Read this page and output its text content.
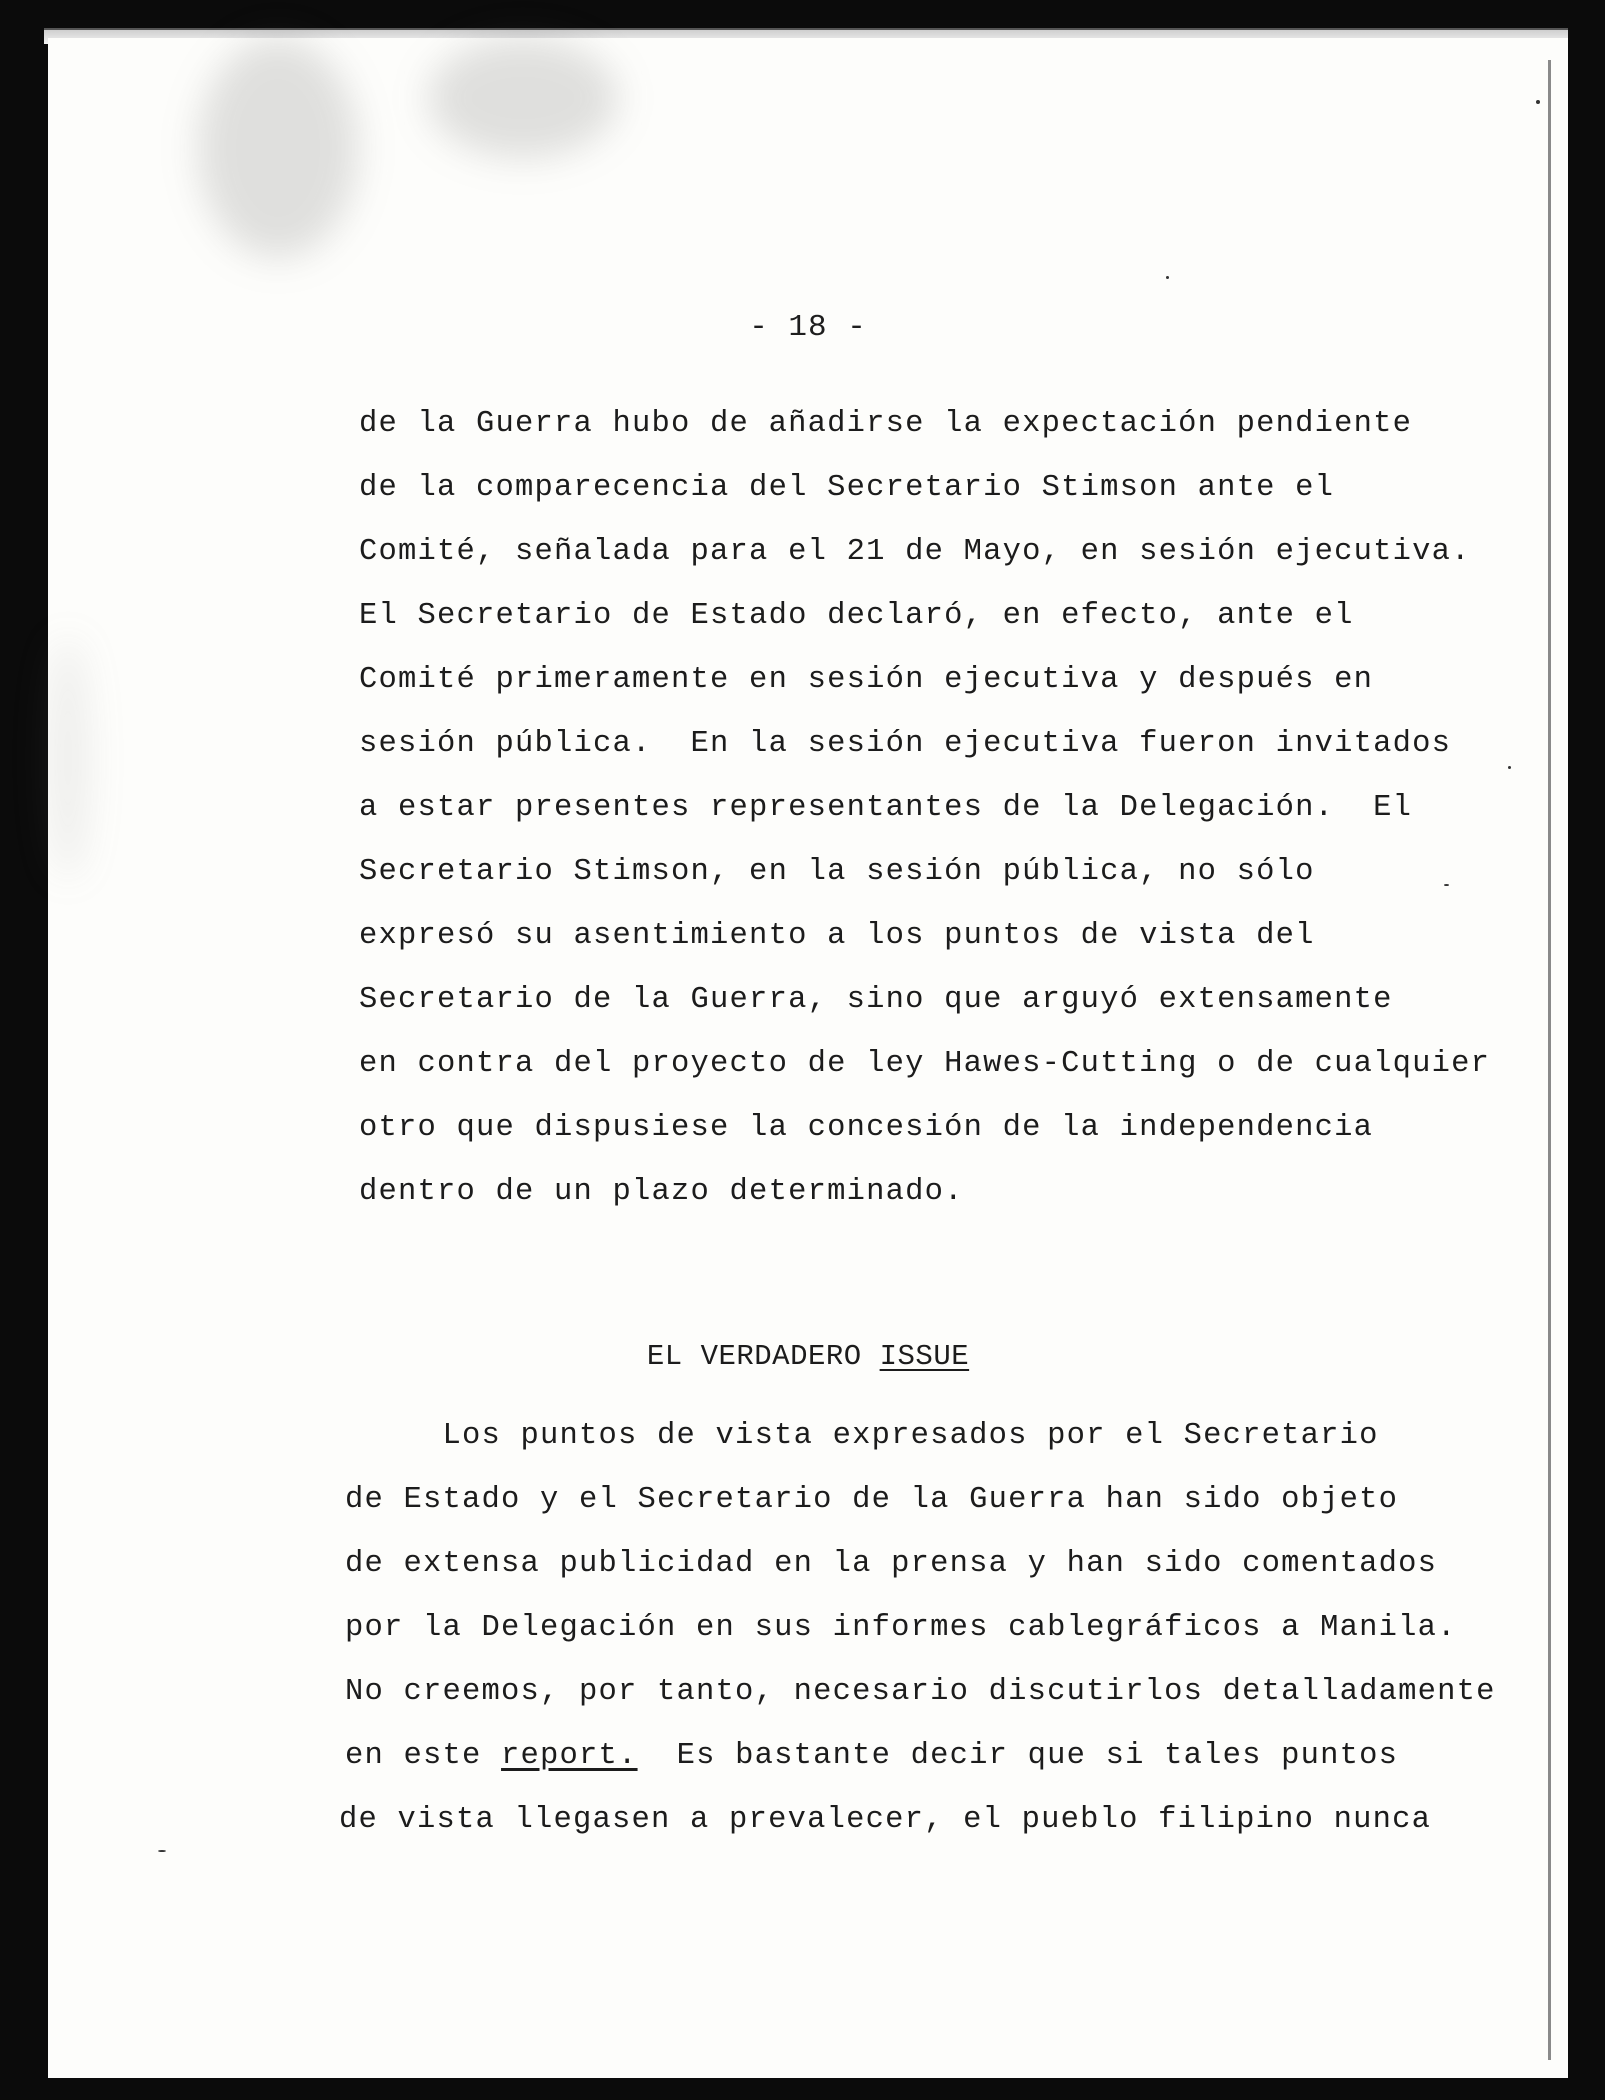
- 18 -
de la Guerra hubo de añadirse la expectación pendiente
de la comparecencia del Secretario Stimson ante el
Comité, señalada para el 21 de Mayo, en sesión ejecutiva.
El Secretario de Estado declaró, en efecto, ante el
Comité primeramente en sesión ejecutiva y después en
sesión pública.  En la sesión ejecutiva fueron invitados
a estar presentes representantes de la Delegación.  El
Secretario Stimson, en la sesión pública, no sólo
expresó su asentimiento a los puntos de vista del
Secretario de la Guerra, sino que arguyó extensamente
en contra del proyecto de ley Hawes-Cutting o de cualquier
otro que dispusiese la concesión de la independencia
dentro de un plazo determinado.
EL VERDADERO ISSUE
Los puntos de vista expresados por el Secretario
de Estado y el Secretario de la Guerra han sido objeto
de extensa publicidad en la prensa y han sido comentados
por la Delegación en sus informes cablegráficos a Manila.
No creemos, por tanto, necesario discutirlos detalladamente
en este report.  Es bastante decir que si tales puntos
de vista llegasen a prevalecer, el pueblo filipino nunca
